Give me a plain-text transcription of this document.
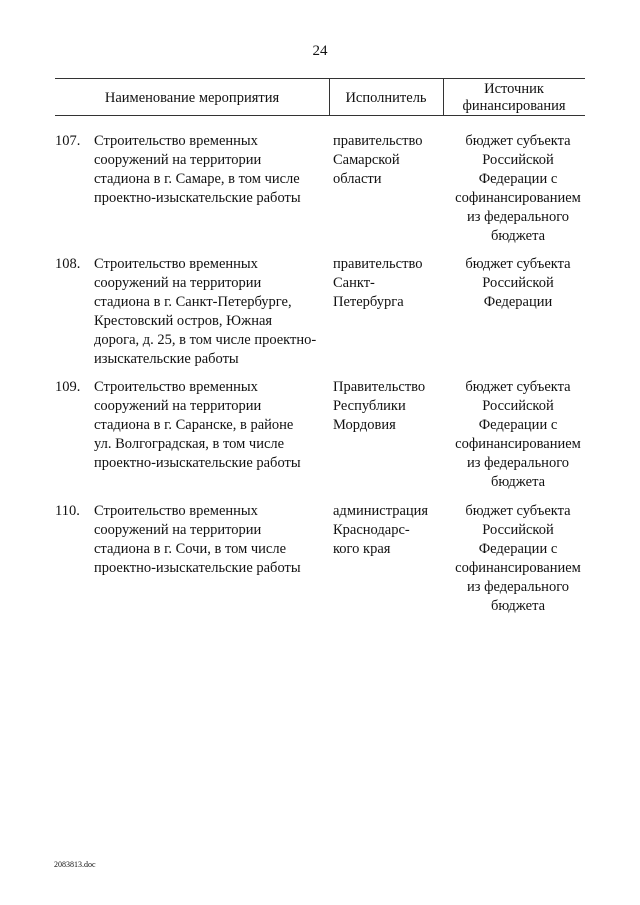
24
Наименование мероприятия	Исполнитель
Источник
финансирования
107. Строительство временных
сооружений на территории
стадиона в г. Самаре, в том числе
проектно-изыскательские работы
правительство
Самарской
области
бюджет субъекта
Российской
Федерации с
софинансированием
из федерального
бюджета
108. Строительство временных
сооружений на территории
стадиона в г. Санкт-Петербурге,
Крестовский остров, Южная
дорога, д. 25, в том числе проектно-
изыскательские работы
правительство
Санкт-
Петербурга
бюджет субъекта
Российской
Федерации
109. Строительство временных
сооружений на территории
стадиона в г. Саранске, в районе
ул. Волгоградская, в том числе
проектно-изыскательские работы
Правительство
Республики
Мордовия
бюджет субъекта
Российской
Федерации с
софинансированием
из федерального
бюджета
110. Строительство временных
сооружений на территории
стадиона в г. Сочи, в том числе
проектно-изыскательские работы
администрация
Краснодарс-
кого края
бюджет субъекта
Российской
Федерации с
софинансированием
из федерального
бюджета
2083813.doc
